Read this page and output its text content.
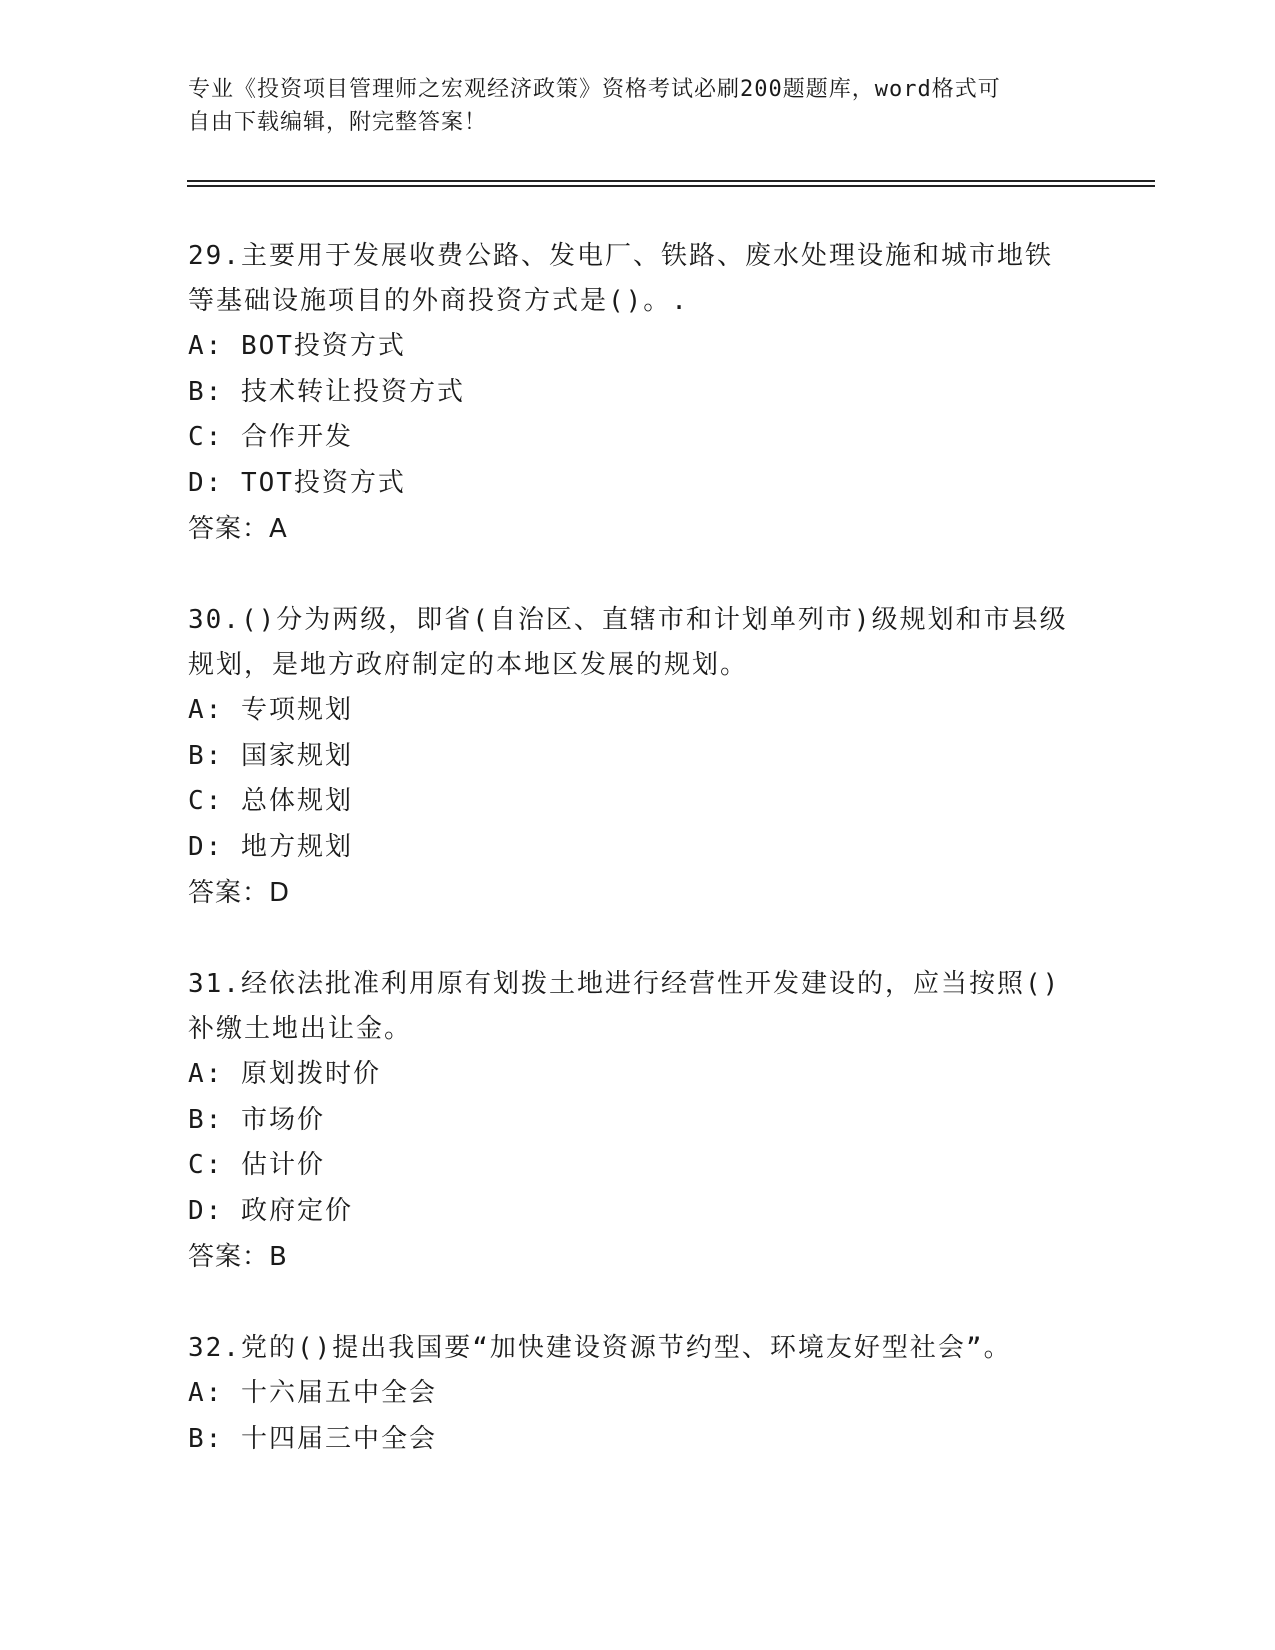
专业《投资项目管理师之宏观经济政策》资格考试必刷200题题库，word格式可
自由下载编辑，附完整答案！

29.主要用于发展收费公路、发电厂、铁路、废水处理设施和城市地铁

等基础设施项目的外商投资方式是()。.

A: BOT投资方式

B: 技术转让投资方式

C: 合作开发

D: TOT投资方式

答案：A

30.()分为两级，即省(自治区、直辖市和计划单列市)级规划和市县级

规划，是地方政府制定的本地区发展的规划。

A: 专项规划

B: 国家规划

C: 总体规划

D: 地方规划

答案：D

31.经依法批准利用原有划拨土地进行经营性开发建设的，应当按照()

补缴土地出让金。

A: 原划拨时价

B: 市场价

C: 估计价

D: 政府定价

答案：B

32.党的()提出我国要“加快建设资源节约型、环境友好型社会”。

A: 十六届五中全会

B: 十四届三中全会
